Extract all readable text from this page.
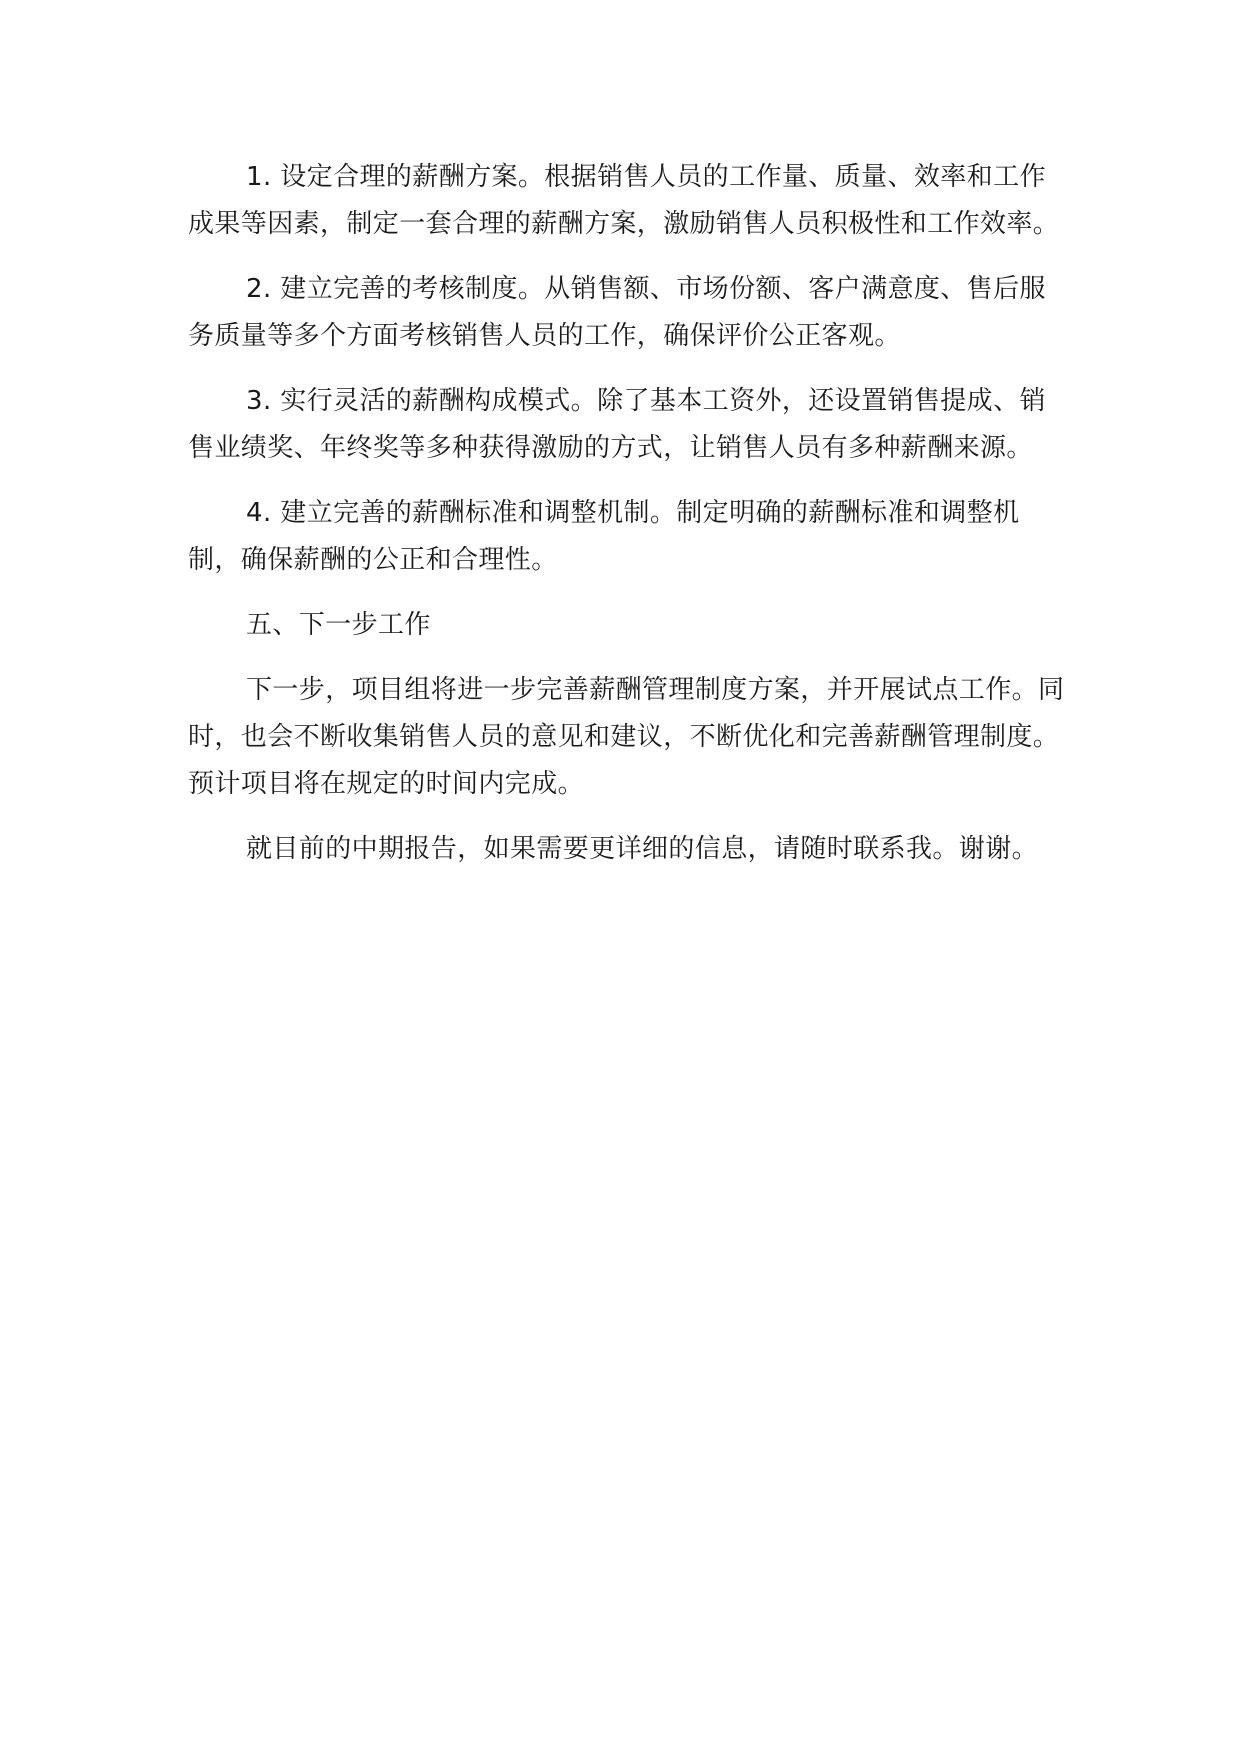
1. 设定合理的薪酬方案。根据销售人员的工作量、质量、效率和工作成果等因素，制定一套合理的薪酬方案，激励销售人员积极性和工作效率。

2. 建立完善的考核制度。从销售额、市场份额、客户满意度、售后服务质量等多个方面考核销售人员的工作，确保评价公正客观。

3. 实行灵活的薪酬构成模式。除了基本工资外，还设置销售提成、销售业绩奖、年终奖等多种获得激励的方式，让销售人员有多种薪酬来源。

4. 建立完善的薪酬标准和调整机制。制定明确的薪酬标准和调整机制，确保薪酬的公正和合理性。

五、下一步工作

下一步，项目组将进一步完善薪酬管理制度方案，并开展试点工作。同时，也会不断收集销售人员的意见和建议，不断优化和完善薪酬管理制度。预计项目将在规定的时间内完成。

就目前的中期报告，如果需要更详细的信息，请随时联系我。谢谢。
